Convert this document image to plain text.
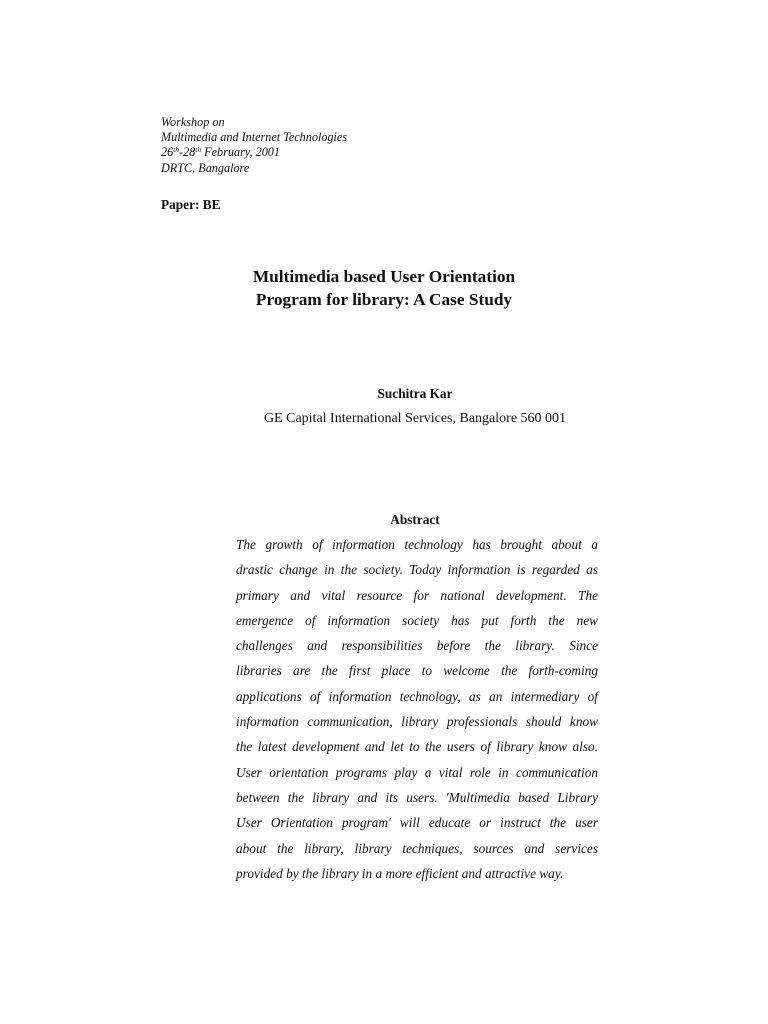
Workshop on
Multimedia and Internet Technologies
26th-28th February, 2001
DRTC, Bangalore
Paper: BE
Multimedia based User Orientation
Program for library: A Case Study
Suchitra Kar
GE Capital International Services, Bangalore 560 001
Abstract
The growth of information technology has brought about a
drastic change in the society. Today information is regarded as
primary and vital resource for national development. The
emergence of information society has put forth the new
challenges and responsibilities before the library. Since
libraries are the first place to welcome the forth-coming
applications of information technology, as an intermediary of
information communication, library professionals should know
the latest development and let to the users of library know also.
User orientation programs play a vital role in communication
between the library and its users. 'Multimedia based Library
User Orientation program' will educate or instruct the user
about the library, library techniques, sources and services
provided by the library in a more efficient and attractive way.
